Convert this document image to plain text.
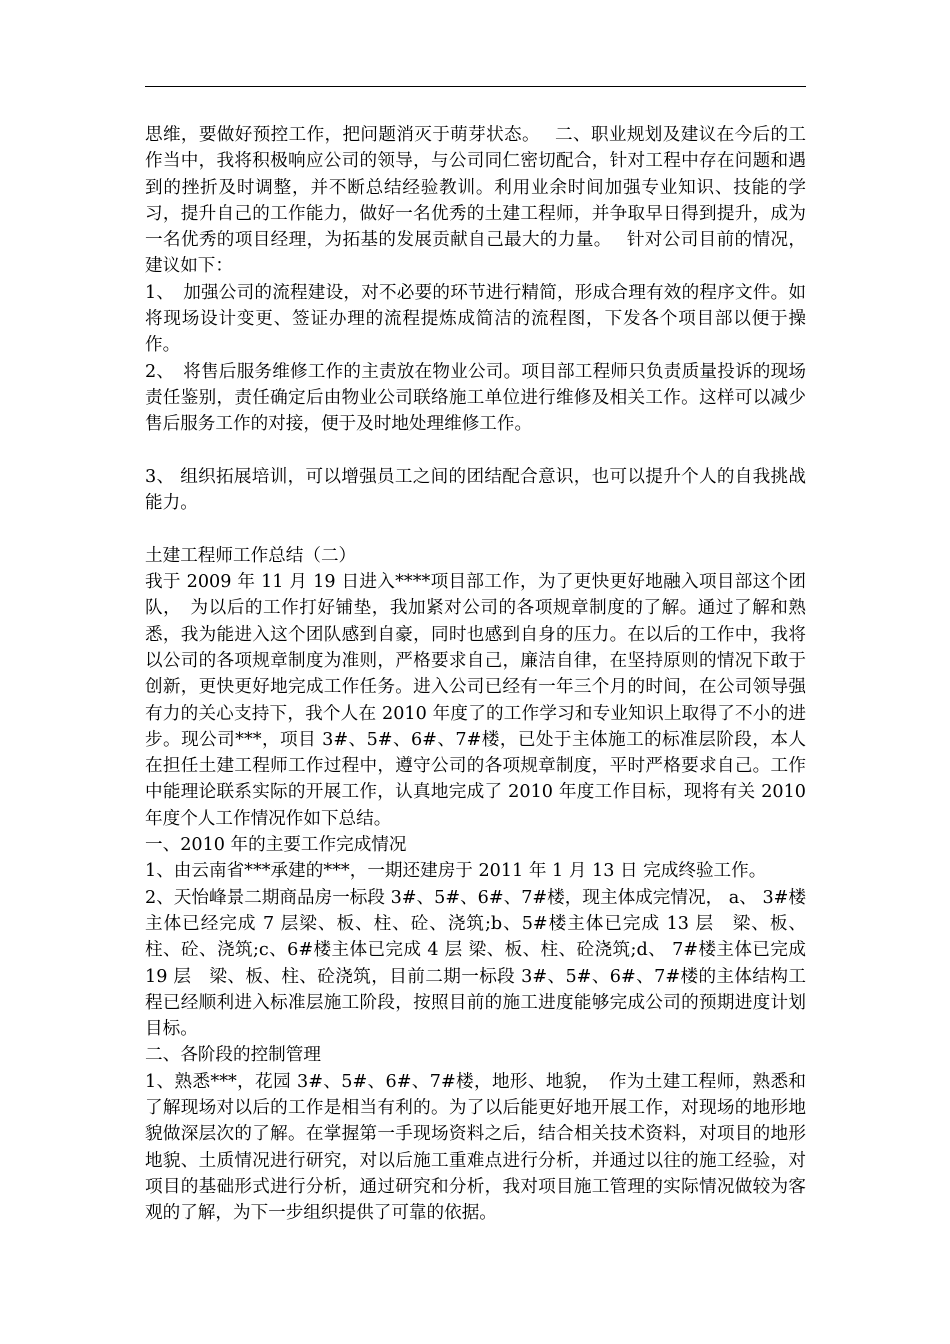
思维，要做好预控工作，把问题消灭于萌芽状态。　 二、职业规划及建议在今后的工作当中，我将积极响应公司的领导，与公司同仁密切配合，针对工程中存在问题和遇到的挫折及时调整，并不断总结经验教训。利用业余时间加强专业知识、技能的学习，提升自己的工作能力，做好一名优秀的土建工程师，并争取早日得到提升，成为一名优秀的项目经理，为拓基的发展贡献自己最大的力量。　 针对公司目前的情况，建议如下：

1、　加强公司的流程建设，对不必要的环节进行精简，形成合理有效的程序文件。如将现场设计变更、签证办理的流程提炼成简洁的流程图，下发各个项目部以便于操作。

2、　将售后服务维修工作的主责放在物业公司。项目部工程师只负责质量投诉的现场责任鉴别，责任确定后由物业公司联络施工单位进行维修及相关工作。这样可以减少售后服务工作的对接，便于及时地处理维修工作。

3、 组织拓展培训，可以增强员工之间的团结配合意识，也可以提升个人的自我挑战能力。

土建工程师工作总结（二）

我于 2009 年 11 月 19 日进入****项目部工作，为了更快更好地融入项目部这个团队，　为以后的工作打好铺垫，我加紧对公司的各项规章制度的了解。通过了解和熟悉，我为能进入这个团队感到自豪，同时也感到自身的压力。在以后的工作中，我将以公司的各项规章制度为准则，严格要求自己，廉洁自律，在坚持原则的情况下敢于创新，更快更好地完成工作任务。进入公司已经有一年三个月的时间，在公司领导强有力的关心支持下，我个人在 2010 年度了的工作学习和专业知识上取得了不小的进步。现公司***，项目 3#、5#、6#、7#楼，已处于主体施工的标准层阶段，本人在担任土建工程师工作过程中，遵守公司的各项规章制度，平时严格要求自己。工作中能理论联系实际的开展工作，认真地完成了 2010 年度工作目标，现将有关 2010 年度个人工作情况作如下总结。

一、2010 年的主要工作完成情况

1、由云南省***承建的***，一期还建房于 2011 年 1 月 13 日 完成终验工作。

2、天怡峰景二期商品房一标段 3#、5#、6#、7#楼，现主体成完情况， a、 3#楼主体已经完成 7 层梁、板、柱、砼、浇筑;b、5#楼主体已完成 13 层　梁、板、柱、砼、浇筑;c、6#楼主体已完成 4 层 梁、板、柱、砼浇筑;d、 7#楼主体已完成 19 层　梁、板、柱、砼浇筑，目前二期一标段 3#、5#、6#、7#楼的主体结构工程已经顺利进入标准层施工阶段，按照目前的施工进度能够完成公司的预期进度计划目标。

二、各阶段的控制管理

1、熟悉***，花园 3#、5#、6#、7#楼，地形、地貌，　作为土建工程师，熟悉和了解现场对以后的工作是相当有利的。为了以后能更好地开展工作，对现场的地形地貌做深层次的了解。在掌握第一手现场资料之后，结合相关技术资料，对项目的地形地貌、土质情况进行研究，对以后施工重难点进行分析，并通过以往的施工经验，对项目的基础形式进行分析，通过研究和分析，我对项目施工管理的实际情况做较为客观的了解，为下一步组织提供了可靠的依据。
